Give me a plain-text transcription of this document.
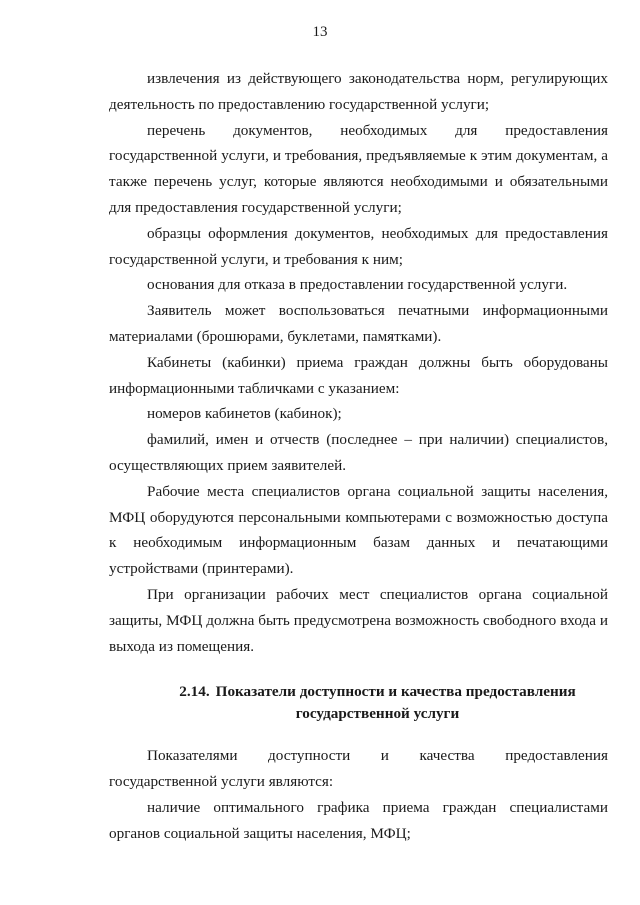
13

извлечения из действующего законодательства норм, регулирующих деятельность по предоставлению государственной услуги;

перечень документов, необходимых для предоставления государственной услуги, и требования, предъявляемые к этим документам, а также перечень услуг, которые являются необходимыми и обязательными для предоставления государственной услуги;

образцы оформления документов, необходимых для предоставления государственной услуги, и требования к ним;

основания для отказа в предоставлении государственной услуги.

Заявитель может воспользоваться печатными информационными материалами (брошюрами, буклетами, памятками).

Кабинеты (кабинки) приема граждан должны быть оборудованы информационными табличками с указанием:

номеров кабинетов (кабинок);

фамилий, имен и отчеств (последнее – при наличии) специалистов, осуществляющих прием заявителей.

Рабочие места специалистов органа социальной защиты населения, МФЦ оборудуются персональными компьютерами с возможностью доступа к необходимым информационным базам данных и печатающими устройствами (принтерами).

При организации рабочих мест специалистов органа социальной защиты, МФЦ должна быть предусмотрена возможность свободного входа и выхода из помещения.

2.14. Показатели доступности и качества предоставления государственной услуги

Показателями доступности и качества предоставления государственной услуги являются:

наличие оптимального графика приема граждан специалистами органов социальной защиты населения, МФЦ;
